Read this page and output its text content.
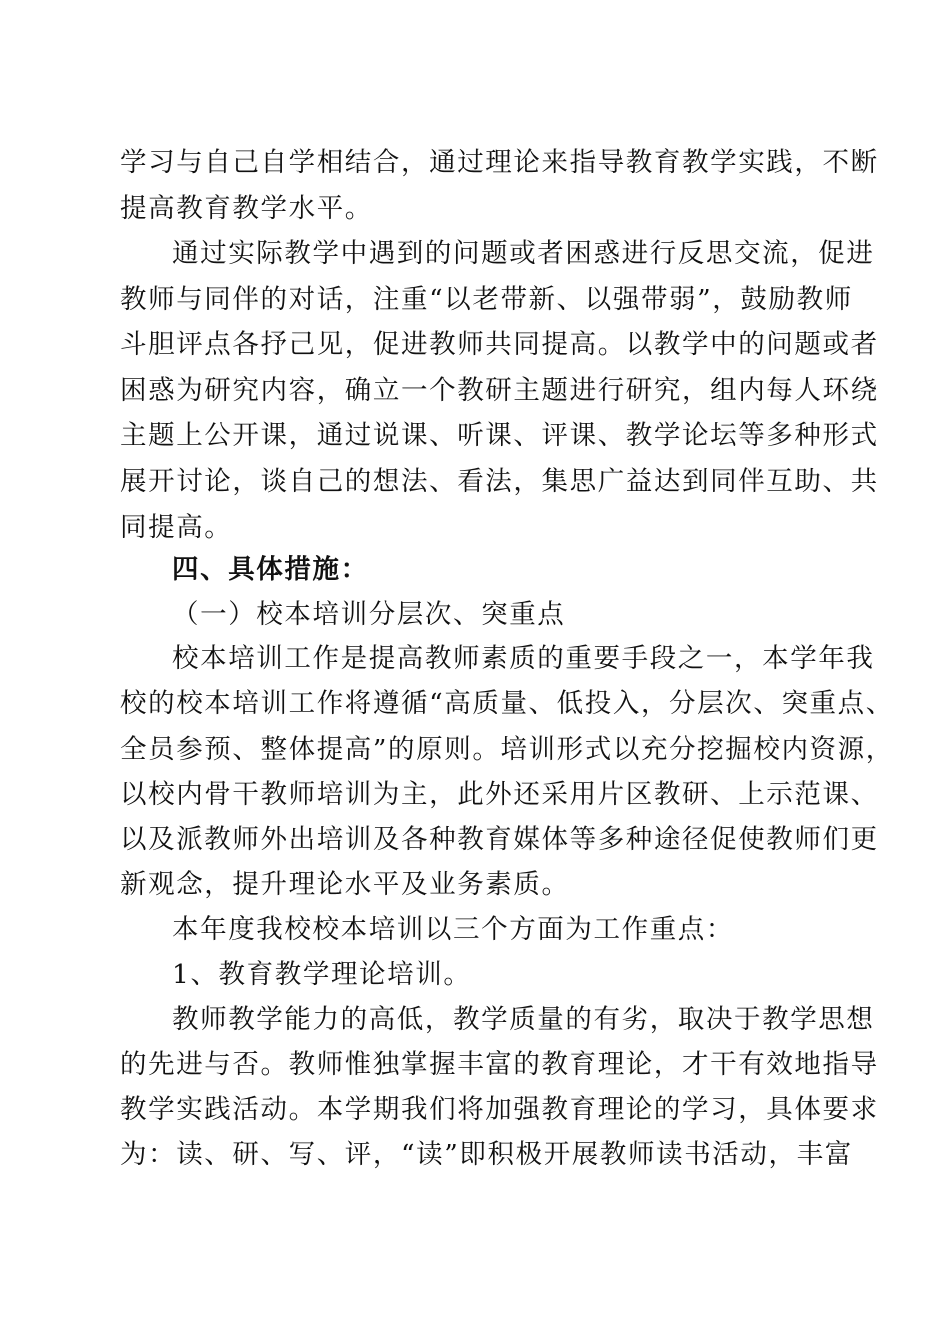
学习与自己自学相结合，通过理论来指导教育教学实践，不断
提高教育教学水平。
通过实际教学中遇到的问题或者困惑进行反思交流，促进
教师与同伴的对话，注重“以老带新、以强带弱”，鼓励教师
斗胆评点各抒己见，促进教师共同提高。以教学中的问题或者
困惑为研究内容，确立一个教研主题进行研究，组内每人环绕
主题上公开课，通过说课、听课、评课、教学论坛等多种形式
展开讨论，谈自己的想法、看法，集思广益达到同伴互助、共
同提高。
四、具体措施：
（一）校本培训分层次、突重点
校本培训工作是提高教师素质的重要手段之一，本学年我
校的校本培训工作将遵循“高质量、低投入，分层次、突重点、
全员参预、整体提高”的原则。培训形式以充分挖掘校内资源，
以校内骨干教师培训为主，此外还采用片区教研、上示范课、
以及派教师外出培训及各种教育媒体等多种途径促使教师们更
新观念，提升理论水平及业务素质。
本年度我校校本培训以三个方面为工作重点：
1、教育教学理论培训。
教师教学能力的高低，教学质量的有劣，取决于教学思想
的先进与否。教师惟独掌握丰富的教育理论，才干有效地指导
教学实践活动。本学期我们将加强教育理论的学习，具体要求
为：读、研、写、评，“读”即积极开展教师读书活动，丰富
